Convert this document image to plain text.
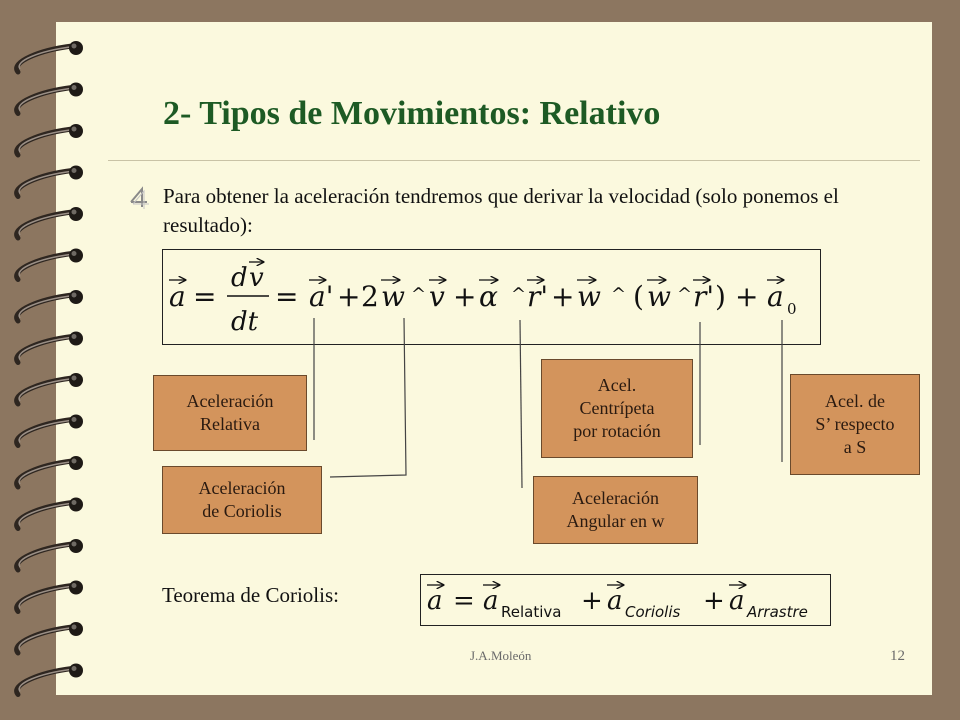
2- Tipos de Movimientos: Relativo
Para obtener la aceleración tendremos que derivar la velocidad (solo ponemos el resultado):
a =
d v
dt
= a' + 2 w ^ v + α ^ r' + w ^ ( w ^ r' ) + a 0
Aceleración
Relativa
Aceleración
de Coriolis
Acel.
Centrípeta
por rotación
Aceleración
Angular en w
Acel. de
S’ respecto
a S
Teorema de Coriolis:	a = a Relativa + a Coriolis + a Arrastre
J.A.Moleón	12
